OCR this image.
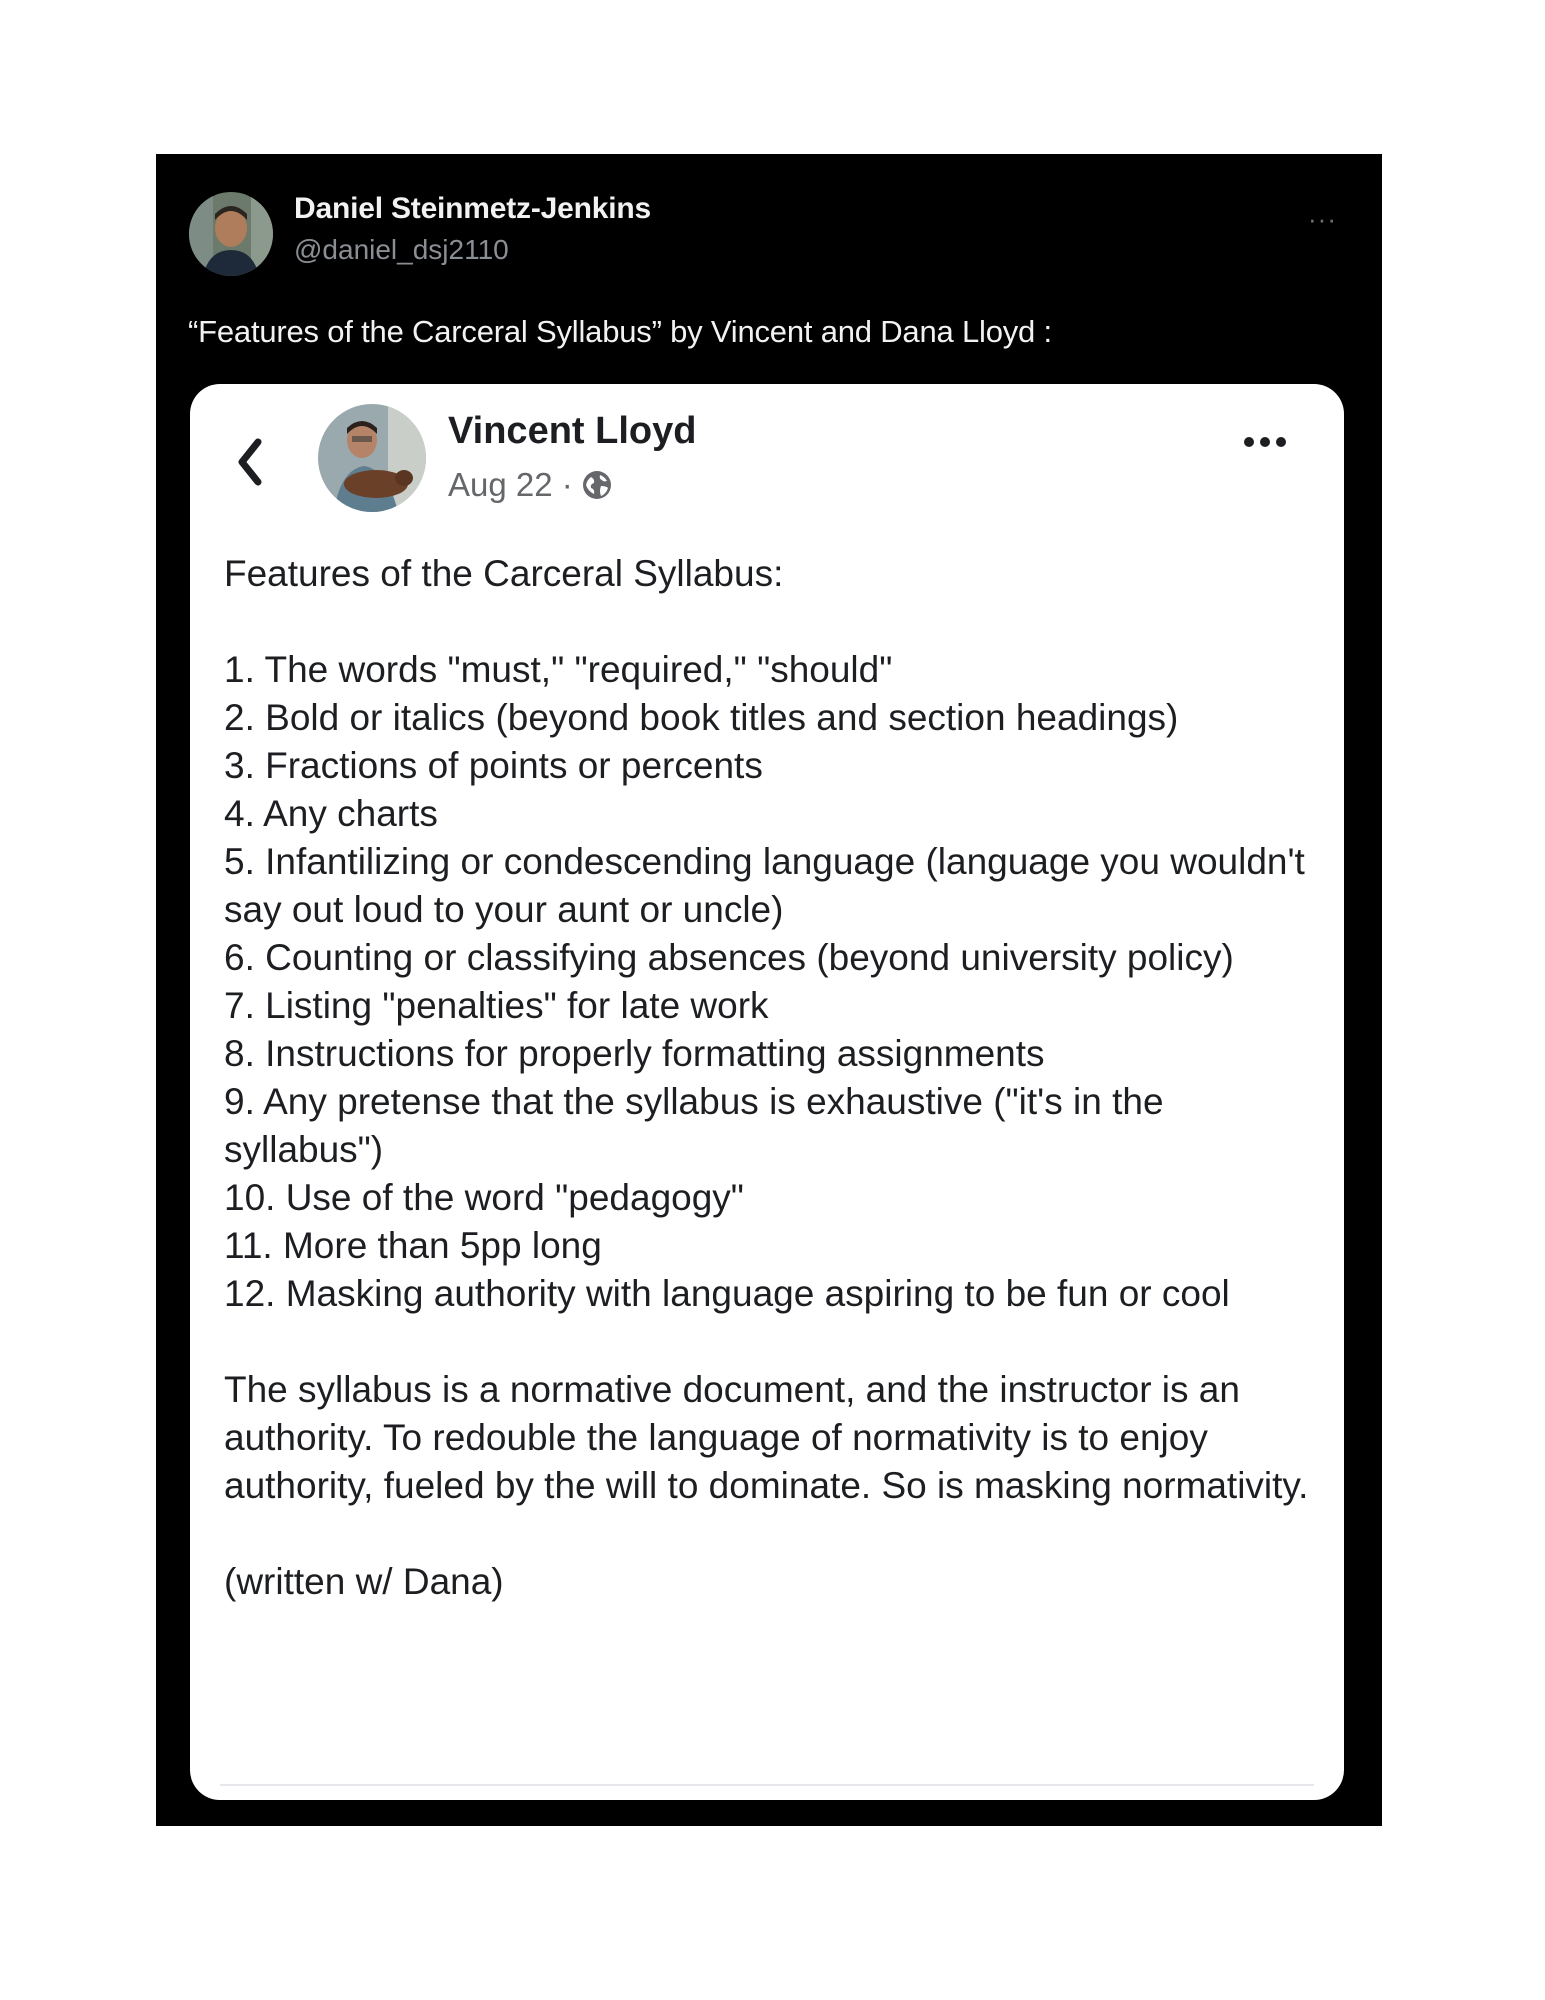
Daniel Steinmetz-Jenkins
@daniel_dsj2110
···
“Features of the Carceral Syllabus” by Vincent and Dana Lloyd :
Vincent Lloyd
Aug 22 ·
Features of the Carceral Syllabus:
1. The words "must," "required," "should"
2. Bold or italics (beyond book titles and section headings)
3. Fractions of points or percents
4. Any charts
5. Infantilizing or condescending language (language you wouldn't say out loud to your aunt or uncle)
6. Counting or classifying absences (beyond university policy)
7. Listing "penalties" for late work
8. Instructions for properly formatting assignments
9. Any pretense that the syllabus is exhaustive ("it's in the syllabus")
10. Use of the word "pedagogy"
11. More than 5pp long
12. Masking authority with language aspiring to be fun or cool

The syllabus is a normative document, and the instructor is an authority. To redouble the language of normativity is to enjoy authority, fueled by the will to dominate. So is masking normativity.

(written w/ Dana)
